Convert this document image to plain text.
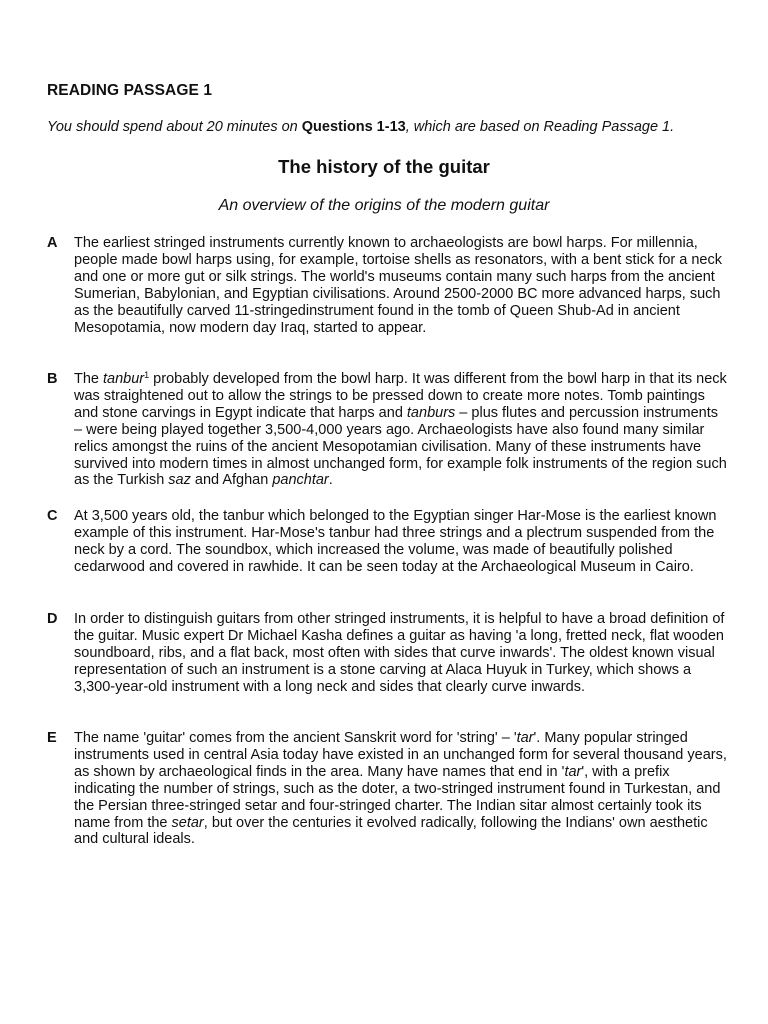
READING PASSAGE 1

You should spend about 20 minutes on Questions 1-13, which are based on Reading Passage 1.

The history of the guitar

An overview of the origins of the modern guitar

A	The earliest stringed instruments currently known to archaeologists are bowl harps. For millennia, people made bowl harps using, for example, tortoise shells as resonators, with a bent stick for a neck and one or more gut or silk strings. The world's museums contain many such harps from the ancient Sumerian, Babylonian, and Egyptian civilisations. Around 2500-2000 BC more advanced harps, such as the beautifully carved 11-stringedinstrument found in the tomb of Queen Shub-Ad in ancient Mesopotamia, now modern day Iraq, started to appear.

B	The tanbur$^1$ probably developed from the bowl harp. It was different from the bowl harp in that its neck was straightened out to allow the strings to be pressed down to create more notes. Tomb paintings and stone carvings in Egypt indicate that harps and tanburs – plus flutes and percussion instruments – were being played together 3,500-4,000 years ago. Archaeologists have also found many similar relics amongst the ruins of the ancient Mesopotamian civilisation. Many of these instruments have survived into modern times in almost unchanged form, for example folk instruments of the region such as the Turkish saz and Afghan panchtar.

C	At 3,500 years old, the tanbur which belonged to the Egyptian singer Har-Mose is the earliest known example of this instrument. Har-Mose's tanbur had three strings and a plectrum suspended from the neck by a cord. The soundbox, which increased the volume, was made of beautifully polished cedarwood and covered in rawhide. It can be seen today at the Archaeological Museum in Cairo.

D	In order to distinguish guitars from other stringed instruments, it is helpful to have a broad definition of the guitar. Music expert Dr Michael Kasha defines a guitar as having 'a long, fretted neck, flat wooden soundboard, ribs, and a flat back, most often with sides that curve inwards'. The oldest known visual representation of such an instrument is a stone carving at Alaca Huyuk in Turkey, which shows a 3,300-year-old instrument with a long neck and sides that clearly curve inwards.

E	The name 'guitar' comes from the ancient Sanskrit word for 'string' – 'tar'. Many popular stringed instruments used in central Asia today have existed in an unchanged form for several thousand years, as shown by archaeological finds in the area. Many have names that end in 'tar', with a prefix indicating the number of strings, such as the doter, a two-stringed instrument found in Turkestan, and the Persian three-stringed setar and four-stringed charter. The Indian sitar almost certainly took its name from the setar, but over the centuries it evolved radically, following the Indians' own aesthetic and cultural ideals.
